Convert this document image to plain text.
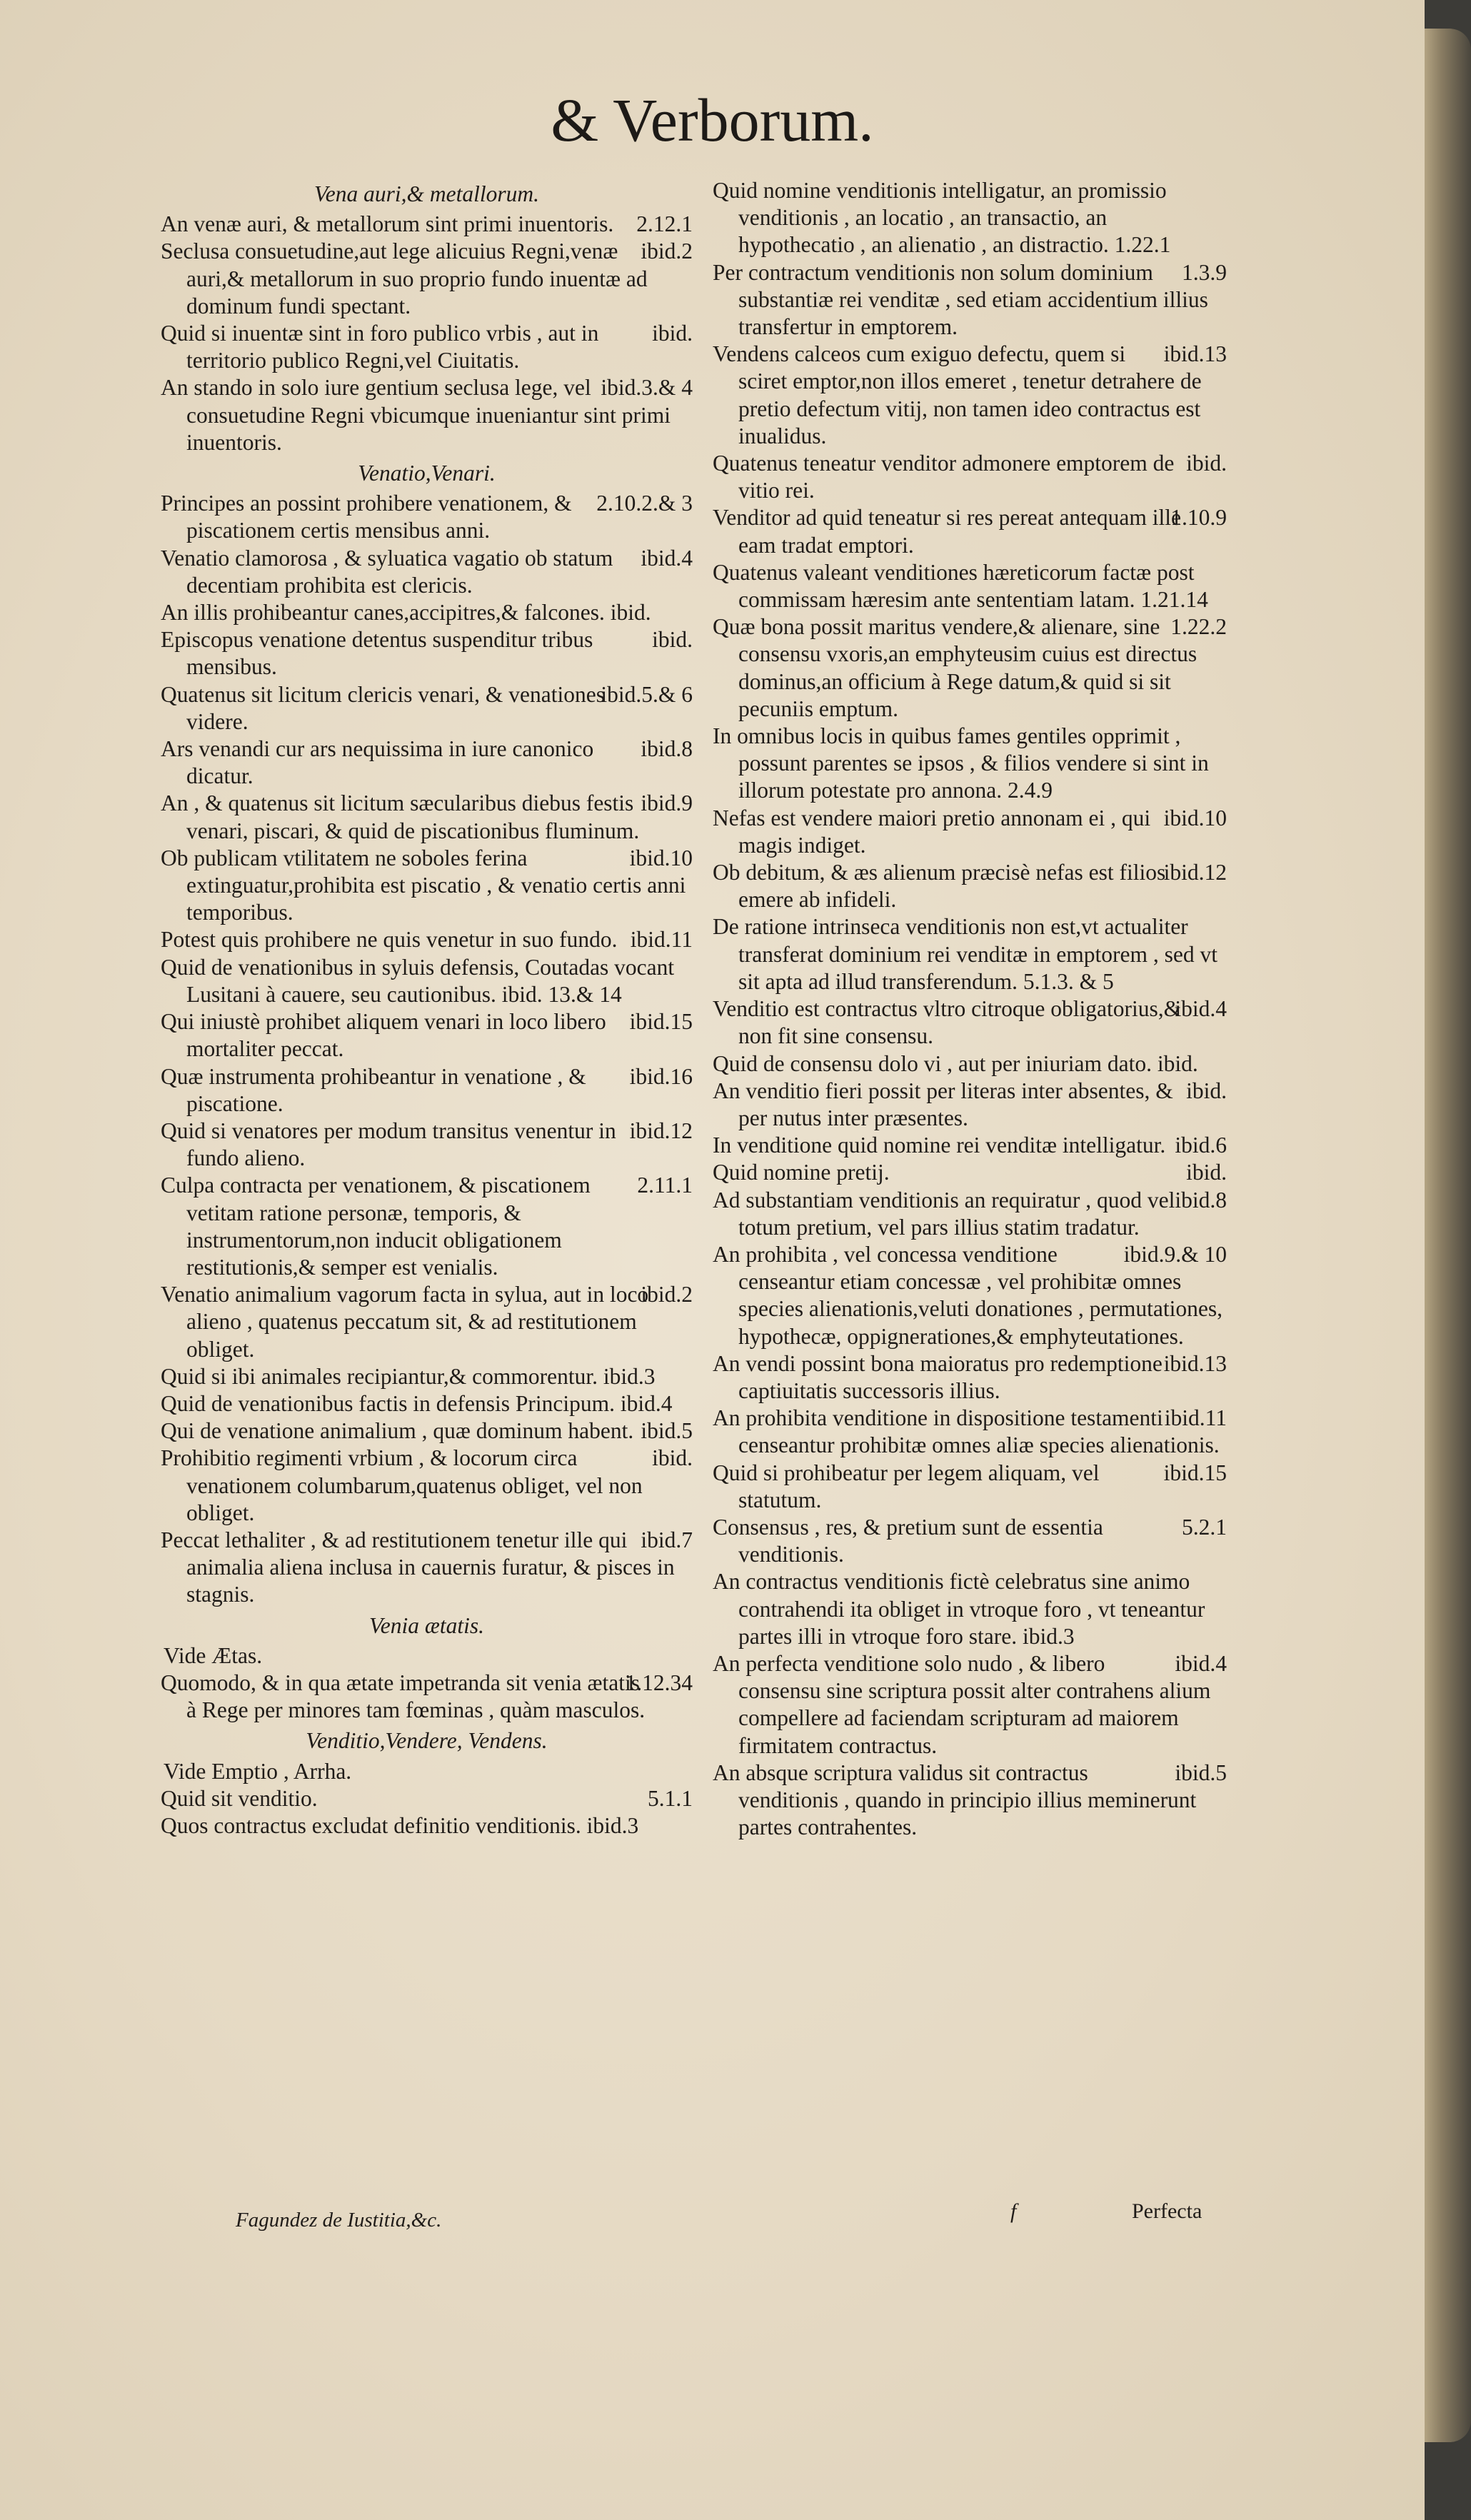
& Verborum.

Vena auri,& metallorum.

2.12.1
An venæ auri, & metallorum sint primi inuentoris.

ibid.2
Seclusa consuetudine,aut lege alicuius Regni,venæ auri,& metallorum in suo proprio fundo inuentæ ad dominum fundi spectant.

ibid.
Quid si inuentæ sint in foro publico vrbis , aut in territorio publico Regni,vel Ciuitatis.

ibid.3.& 4
An stando in solo iure gentium seclusa lege, vel consuetudine Regni vbicumque inueniantur sint primi inuentoris.

Venatio,Venari.

2.10.2.& 3
Principes an possint prohibere venationem, & piscationem certis mensibus anni.

ibid.4
Venatio clamorosa , & syluatica vagatio ob statum decentiam prohibita est clericis.

An illis prohibeantur canes,accipitres,& falcones. ibid.

ibid.
Episcopus venatione detentus suspenditur tribus mensibus.

ibid.5.& 6
Quatenus sit licitum clericis venari, & venationes videre.

ibid.8
Ars venandi cur ars nequissima in iure canonico dicatur.

ibid.9
An , & quatenus sit licitum sæcularibus diebus festis venari, piscari, & quid de piscationibus fluminum.

ibid.10
Ob publicam vtilitatem ne soboles ferina extinguatur,prohibita est piscatio , & venatio certis anni temporibus.

ibid.11
Potest quis prohibere ne quis venetur in suo fundo.

Quid de venationibus in syluis defensis, Coutadas vocant Lusitani à cauere, seu cautionibus. ibid. 13.& 14

ibid.15
Qui iniustè prohibet aliquem venari in loco libero mortaliter peccat.

ibid.16
Quæ instrumenta prohibeantur in venatione , & piscatione.

ibid.12
Quid si venatores per modum transitus venentur in fundo alieno.

2.11.1
Culpa contracta per venationem, & piscationem vetitam ratione personæ, temporis, & instrumentorum,non inducit obligationem restitutionis,& semper est venialis.

ibid.2
Venatio animalium vagorum facta in sylua, aut in loco alieno , quatenus peccatum sit, & ad restitutionem obliget.

Quid si ibi animales recipiantur,& commorentur. ibid.3

Quid de venationibus factis in defensis Principum. ibid.4

ibid.5
Qui de venatione animalium , quæ dominum habent.

ibid.
Prohibitio regimenti vrbium , & locorum circa venationem columbarum,quatenus obliget, vel non obliget.

ibid.7
Peccat lethaliter , & ad restitutionem tenetur ille qui animalia aliena inclusa in cauernis furatur, & pisces in stagnis.

Venia ætatis.

Vide Ætas.

1.12.34
Quomodo, & in qua ætate impetranda sit venia ætatis à Rege per minores tam fœminas , quàm masculos.

Venditio,Vendere, Vendens.

Vide Emptio , Arrha.

5.1.1
Quid sit venditio.

Quos contractus excludat definitio venditionis. ibid.3

Quid nomine venditionis intelligatur, an promissio venditionis , an locatio , an transactio, an hypothecatio , an alienatio , an distractio. 1.22.1

1.3.9
Per contractum venditionis non solum dominium substantiæ rei venditæ , sed etiam accidentium illius transfertur in emptorem.

ibid.13
Vendens calceos cum exiguo defectu, quem si sciret emptor,non illos emeret , tenetur detrahere de pretio defectum vitij, non tamen ideo contractus est inualidus.

ibid.
Quatenus teneatur venditor admonere emptorem de vitio rei.

1.10.9
Venditor ad quid teneatur si res pereat antequam ille eam tradat emptori.

Quatenus valeant venditiones hæreticorum factæ post commissam hæresim ante sententiam latam. 1.21.14

1.22.2
Quæ bona possit maritus vendere,& alienare, sine consensu vxoris,an emphyteusim cuius est directus dominus,an officium à Rege datum,& quid si sit pecuniis emptum.

In omnibus locis in quibus fames gentiles opprimit , possunt parentes se ipsos , & filios vendere si sint in illorum potestate pro annona. 2.4.9

ibid.10
Nefas est vendere maiori pretio annonam ei , qui magis indiget.

ibid.12
Ob debitum, & æs alienum præcisè nefas est filios emere ab infideli.

De ratione intrinseca venditionis non est,vt actualiter transferat dominium rei venditæ in emptorem , sed vt sit apta ad illud transferendum. 5.1.3. & 5

ibid.4
Venditio est contractus vltro citroque obligatorius,& non fit sine consensu.

Quid de consensu dolo vi , aut per iniuriam dato. ibid.

ibid.
An venditio fieri possit per literas inter absentes, & per nutus inter præsentes.

ibid.6
In venditione quid nomine rei venditæ intelligatur.

ibid.
Quid nomine pretij.

ibid.8
Ad substantiam venditionis an requiratur , quod vel totum pretium, vel pars illius statim tradatur.

ibid.9.& 10
An prohibita , vel concessa venditione censeantur etiam concessæ , vel prohibitæ omnes species alienationis,veluti donationes , permutationes, hypothecæ, oppignerationes,& emphyteutationes.

ibid.13
An vendi possint bona maioratus pro redemptione captiuitatis successoris illius.

ibid.11
An prohibita venditione in dispositione testamenti censeantur prohibitæ omnes aliæ species alienationis.

ibid.15
Quid si prohibeatur per legem aliquam, vel statutum.

5.2.1
Consensus , res, & pretium sunt de essentia venditionis.

An contractus venditionis fictè celebratus sine animo contrahendi ita obliget in vtroque foro , vt teneantur partes illi in vtroque foro stare. ibid.3

ibid.4
An perfecta venditione solo nudo , & libero consensu sine scriptura possit alter contrahens alium compellere ad faciendam scripturam ad maiorem firmitatem contractus.

ibid.5
An absque scriptura validus sit contractus venditionis , quando in principio illius meminerunt partes contrahentes.

Fagundez de Iustitia,&c.	f	Perfecta
